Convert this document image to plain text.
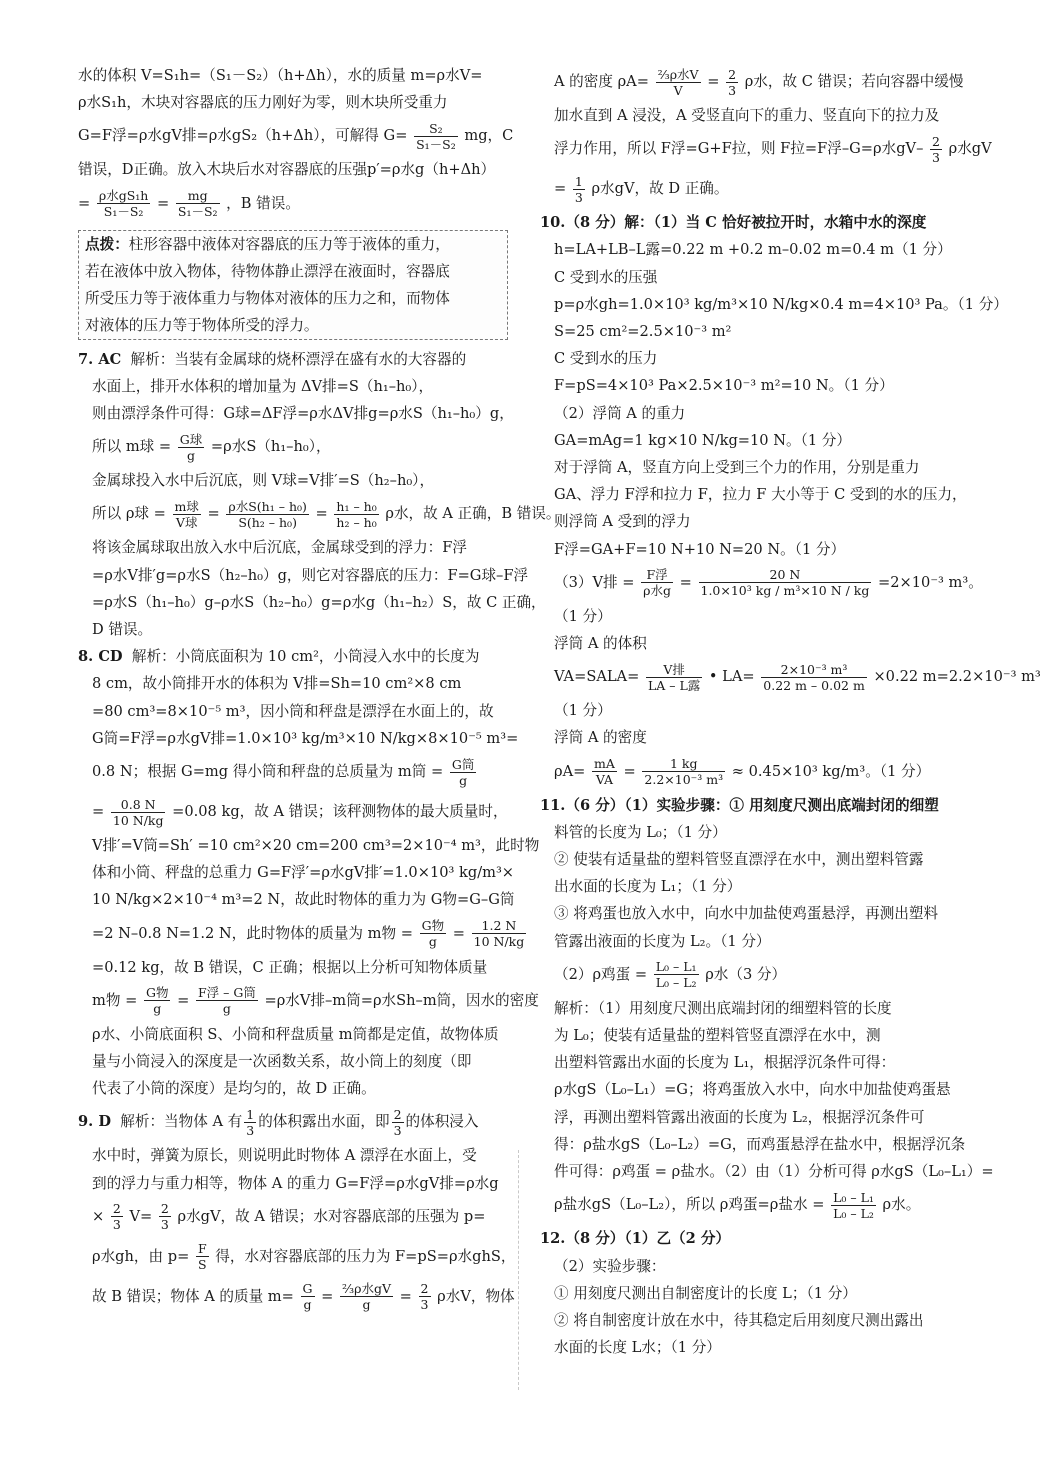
水的体积 V=S₁h=（S₁－S₂）（h+Δh），水的质量 m=ρ水V=
ρ水S₁h，木块对容器底的压力刚好为零，则木块所受重力
G=F浮=ρ水gV排=ρ水gS₂（h+Δh），可解得 $G= \frac{\text{S₂}}{\text{S₁－S₂}}$ mg，C
错误，D正确。放入木块后水对容器底的压强p′=ρ水g（h+Δh）
= $\frac{\text{ρ水gS₁h}}{\text{S₁－S₂}} = \frac{mg}{\text{S₁－S₂}}$ ，B 错误。
点拨：柱形容器中液体对容器底的压力等于液体的重力，
若在液体中放入物体，待物体静止漂浮在液面时，容器底
所受压力等于液体重力与物体对液体的压力之和，而物体
对液体的压力等于物体所受的浮力。
7. AC 解析：当装有金属球的烧杯漂浮在盛有水的大容器的
水面上，排开水体积的增加量为 ΔV排=S（h₁–h₀），
则由漂浮条件可得：G球=ΔF浮=ρ水ΔV排g=ρ水S（h₁–h₀）g，
所以 m球 = $\frac{\text{G球}}{g} =\rho$水S（h₁–h₀），
金属球投入水中后沉底，则 V球=V排′=S（h₂–h₀），
所以 ρ球 = $\frac{\text{m球}}{\text{V球}} = \frac{\text{ρ水S(h₁ – h₀)}}{\text{S(h₂ – h₀)}} = \frac{\text{h₁ – h₀}}{\text{h₂ – h₀}}$ ρ水，故 A 正确，B 错误。
将该金属球取出放入水中后沉底，金属球受到的浮力：F浮
=ρ水V排′g=ρ水S（h₂–h₀）g，则它对容器底的压力：F=G球–F浮
=ρ水S（h₁–h₀）g–ρ水S（h₂–h₀）g=ρ水g（h₁–h₂）S，故 C 正确，
D 错误。
8. CD 解析：小筒底面积为 10 cm²，小筒浸入水中的长度为
8 cm，故小筒排开水的体积为 V排=Sh=10 cm²×8 cm
=80 cm³=8×10⁻⁵ m³，因小筒和秤盘是漂浮在水面上的，故
G筒=F浮=ρ水gV排=1.0×10³ kg/m³×10 N/kg×8×10⁻⁵ m³=
0.8 N；根据 G=mg 得小筒和秤盘的总质量为 m筒 = $\frac{\text{G筒}}{g}$
= $\frac{0.8 N}{10 N/kg} =0.08$ kg，故 A 错误；该秤测物体的最大质量时，
V排′=V筒=Sh′ =10 cm²×20 cm=200 cm³=2×10⁻⁴ m³，此时物
体和小筒、秤盘的总重力 G=F浮′=ρ水gV排′=1.0×10³ kg/m³×
10 N/kg×2×10⁻⁴ m³=2 N，故此时物体的重力为 G物=G–G筒
=2 N–0.8 N=1.2 N，此时物体的质量为 m物 = $\frac{\text{G物}}{g} = \frac{1.2 N}{10 N/kg}$
=0.12 kg，故 B 错误，C 正确；根据以上分析可知物体质量
m物 = $\frac{\text{G物}}{g} = \frac{\text{F浮 – G筒}}{g} =\rho$水V排–m筒=ρ水Sh–m筒，因水的密度
ρ水、小筒底面积 S、小筒和秤盘质量 m筒都是定值，故物体质
量与小筒浸入的深度是一次函数关系，故小筒上的刻度（即
代表了小筒的深度）是均匀的，故 D 正确。
9. D 解析：当物体 A 有 $\frac{1}{3}$ 的体积露出水面，即 $\frac{2}{3}$ 的体积浸入
水中时，弹簧为原长，则说明此时物体 A 漂浮在水面上，受
到的浮力与重力相等，物体 A 的重力 G=F浮=ρ水gV排=ρ水g
× $\frac{2}{3} V= \frac{2}{3}$ ρ水gV，故 A 错误；水对容器底部的压强为 p=
ρ水gh，由 $p= \frac{F}{S}$ 得，水对容器底部的压力为 F=pS=ρ水ghS，
故 B 错误；物体 A 的质量 $m= \frac{G}{g} = \frac{\text{⅔ρ水gV}}{g} = \frac{2}{3}$ ρ水V，物体
A 的密度 $\rho A= \frac{\text{⅔ρ水V}}{V} = \frac{2}{3}$ ρ水，故 C 错误；若向容器中缓慢
加水直到 A 浸没，A 受竖直向下的重力、竖直向下的拉力及
浮力作用，所以 F浮=G+F拉，则 F拉=F浮–G=ρ水$gV- \frac{2}{3}$ ρ水gV
= $\frac{1}{3}$ ρ水gV，故 D 正确。
10.（8 分）解：（1）当 C 恰好被拉开时，水箱中水的深度
h=LA+LB–L露=0.22 m +0.2 m–0.02 m=0.4 m（1 分）
C 受到水的压强
p=ρ水gh=1.0×10³ kg/m³×10 N/kg×0.4 m=4×10³ Pa。（1 分）
S=25 cm²=2.5×10⁻³ m²
C 受到水的压力
F=pS=4×10³ Pa×2.5×10⁻³ m²=10 N。（1 分）
（2）浮筒 A 的重力
GA=mAg=1 kg×10 N/kg=10 N。（1 分）
对于浮筒 A，竖直方向上受到三个力的作用，分别是重力
GA、浮力 F浮和拉力 F，拉力 F 大小等于 C 受到的水的压力，
则浮筒 A 受到的浮力
F浮=GA+F=10 N+10 N=20 N。（1 分）
（3）V排 = $\frac{\text{F浮}}{\text{ρ水g}} = \frac{20 N}{\text{1.0×10³ kg / m³×10 N / kg}} =2\times 10^{-3}$ m³。
（1 分）
浮筒 A 的体积
VA=SALA= $\frac{\text{V排}}{\text{LA – L露}}$ • $LA= \frac{\text{2×10⁻³ m³}}{0.22 m - 0.02 m} \times 0.22$ m=2.2×10⁻³ m³
（1 分）
浮筒 A 的密度
$\rho A= \frac{mA}{VA} = \frac{1 kg}{\text{2.2×10⁻³ m³}} \approx 0.45\times 10^3$ kg/m³。（1 分）
11.（6 分）（1）实验步骤：① 用刻度尺测出底端封闭的细塑
料管的长度为 L₀；（1 分）
② 使装有适量盐的塑料管竖直漂浮在水中，测出塑料管露
出水面的长度为 L₁；（1 分）
③ 将鸡蛋也放入水中，向水中加盐使鸡蛋悬浮，再测出塑料
管露出液面的长度为 L₂。（1 分）
（2）ρ鸡蛋 = $\frac{\text{L₀ – L₁}}{\text{L₀ – L₂}}$ ρ水（3 分）
解析：（1）用刻度尺测出底端封闭的细塑料管的长度
为 L₀；使装有适量盐的塑料管竖直漂浮在水中，测
出塑料管露出水面的长度为 L₁，根据浮沉条件可得：
ρ水gS（L₀–L₁）=G；将鸡蛋放入水中，向水中加盐使鸡蛋悬
浮，再测出塑料管露出液面的长度为 L₂，根据浮沉条件可
得：ρ盐水gS（L₀–L₂）=G，而鸡蛋悬浮在盐水中，根据浮沉条
件可得：ρ鸡蛋 = ρ盐水。（2）由（1）分析可得 ρ水gS（L₀–L₁）=
ρ盐水gS（L₀–L₂），所以 ρ鸡蛋=ρ盐水 = $\frac{\text{L₀ – L₁}}{\text{L₀ – L₂}}$ ρ水。
12.（8 分）（1）乙（2 分）
（2）实验步骤：
① 用刻度尺测出自制密度计的长度 L；（1 分）
② 将自制密度计放在水中，待其稳定后用刻度尺测出露出
水面的长度 L水；（1 分）
